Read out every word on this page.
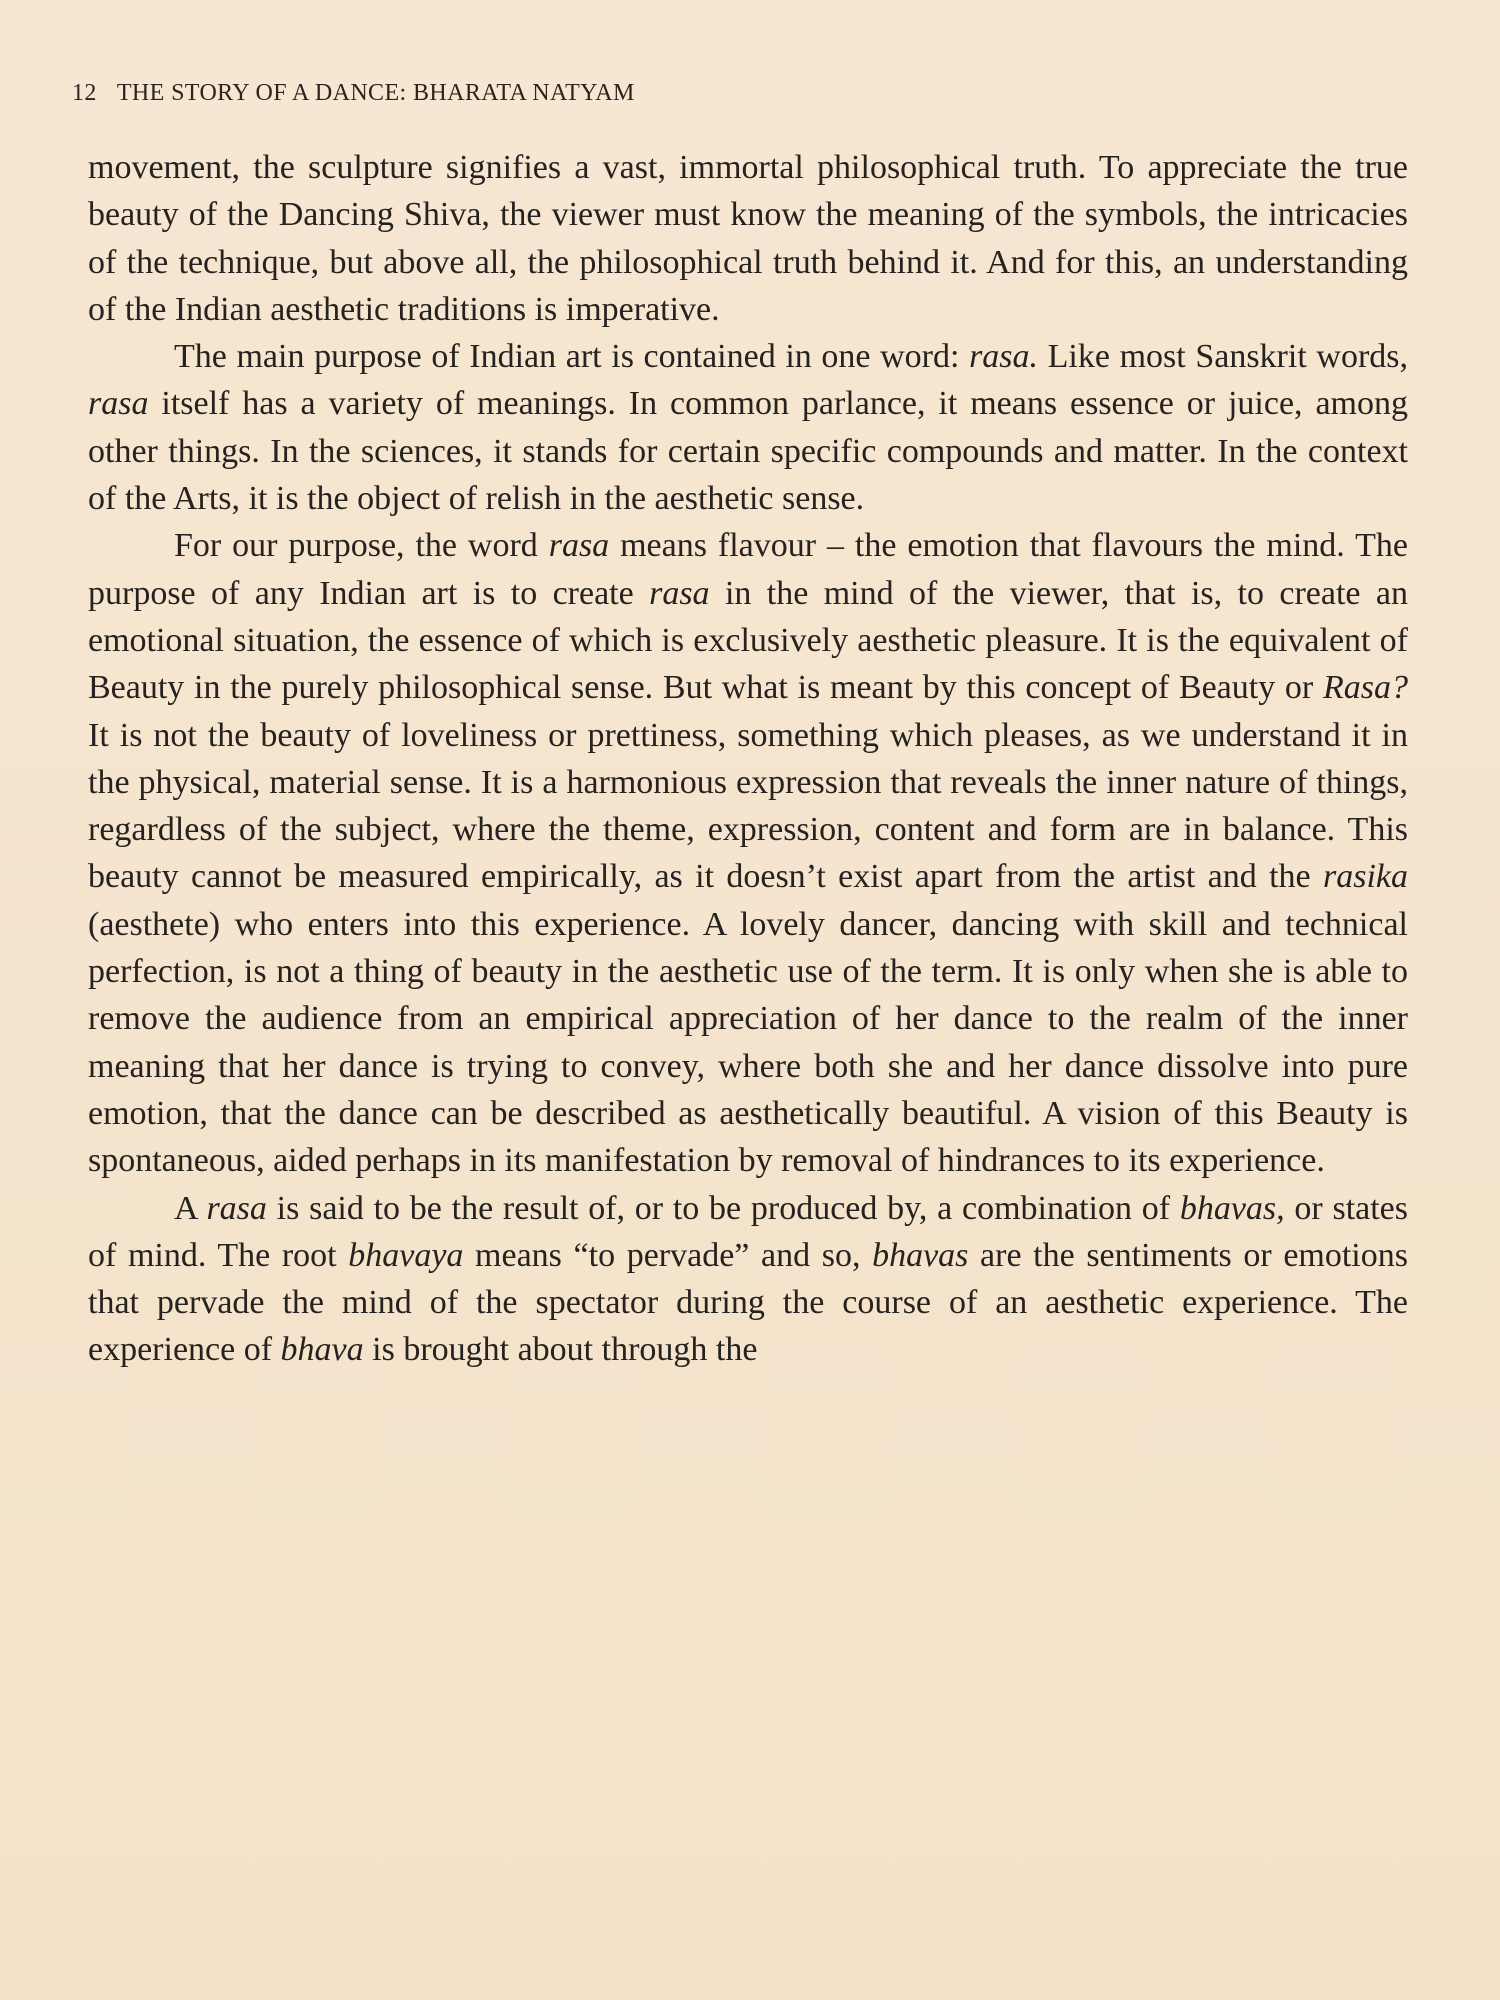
12 THE STORY OF A DANCE: BHARATA NATYAM

movement, the sculpture signifies a vast, immortal philosophical truth. To appreciate the true beauty of the Dancing Shiva, the viewer must know the meaning of the symbols, the intricacies of the technique, but above all, the philosophical truth behind it. And for this, an understanding of the Indian aesthetic traditions is imperative.

The main purpose of Indian art is contained in one word: rasa. Like most Sanskrit words, rasa itself has a variety of meanings. In common parlance, it means essence or juice, among other things. In the sciences, it stands for certain specific compounds and matter. In the context of the Arts, it is the object of relish in the aesthetic sense.

For our purpose, the word rasa means flavour – the emotion that flavours the mind. The purpose of any Indian art is to create rasa in the mind of the viewer, that is, to create an emotional situation, the essence of which is exclusively aesthetic pleasure. It is the equivalent of Beauty in the purely philosophical sense. But what is meant by this concept of Beauty or Rasa? It is not the beauty of loveliness or prettiness, something which pleases, as we understand it in the physical, material sense. It is a harmonious expression that reveals the inner nature of things, regardless of the subject, where the theme, expression, content and form are in balance. This beauty cannot be measured empirically, as it doesn’t exist apart from the artist and the rasika (aesthete) who enters into this experience. A lovely dancer, dancing with skill and technical perfection, is not a thing of beauty in the aesthetic use of the term. It is only when she is able to remove the audience from an empirical appreciation of her dance to the realm of the inner meaning that her dance is trying to convey, where both she and her dance dissolve into pure emotion, that the dance can be described as aesthetically beautiful. A vision of this Beauty is spontaneous, aided perhaps in its manifestation by removal of hindrances to its experience.

A rasa is said to be the result of, or to be produced by, a combination of bhavas, or states of mind. The root bhavaya means “to pervade” and so, bhavas are the sentiments or emotions that pervade the mind of the spectator during the course of an aesthetic experience. The experience of bhava is brought about through the
